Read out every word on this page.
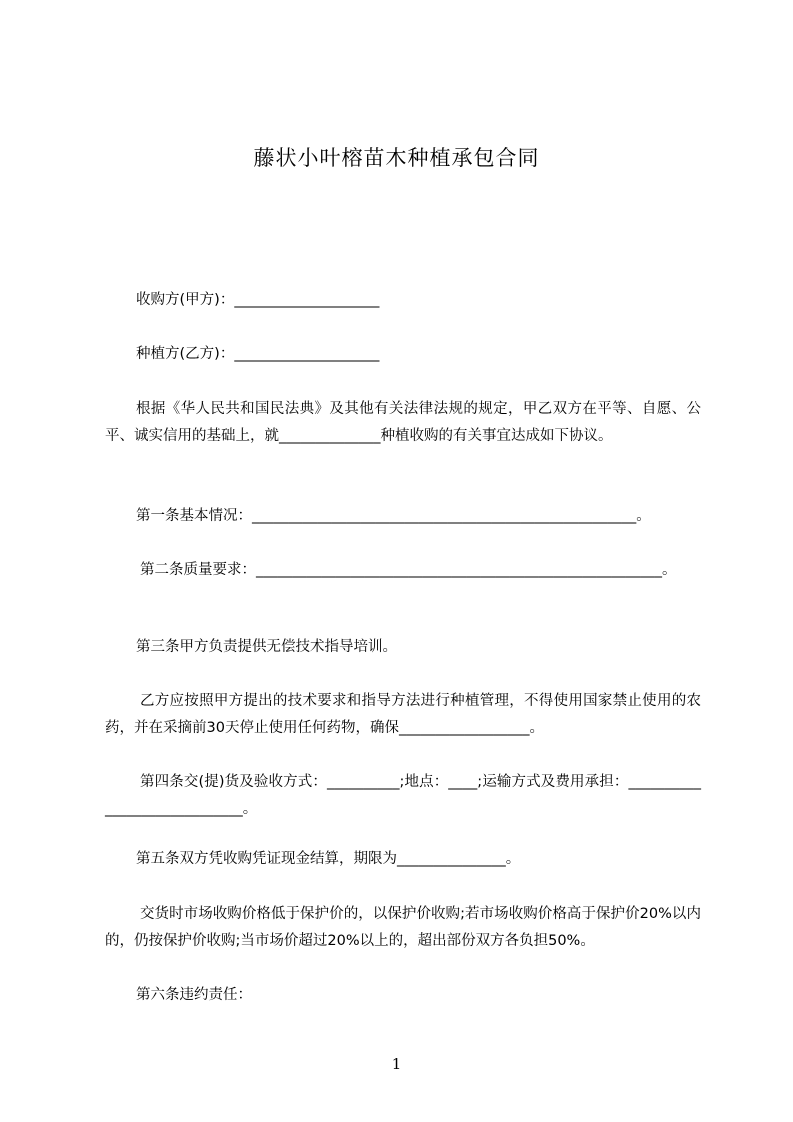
藤状小叶榕苗木种植承包合同
收购方(甲方)：____________________
种植方(乙方)：____________________
根据《华人民共和国民法典》及其他有关法律法规的规定，甲乙双方在平等、自愿、公平、诚实信用的基础上，就______________种植收购的有关事宜达成如下协议。
第一条基本情况：_____________________________________________________。
第二条质量要求：________________________________________________________。
第三条甲方负责提供无偿技术指导培训。
乙方应按照甲方提出的技术要求和指导方法进行种植管理，不得使用国家禁止使用的农药，并在采摘前30天停止使用任何药物，确保__________________。
第四条交(提)货及验收方式：__________;地点：____;运输方式及费用承担：_____________________________。
第五条双方凭收购凭证现金结算，期限为_______________。
交货时市场收购价格低于保护价的，以保护价收购;若市场收购价格高于保护价20%以内的，仍按保护价收购;当市场价超过20%以上的，超出部份双方各负担50%。
第六条违约责任：
1
